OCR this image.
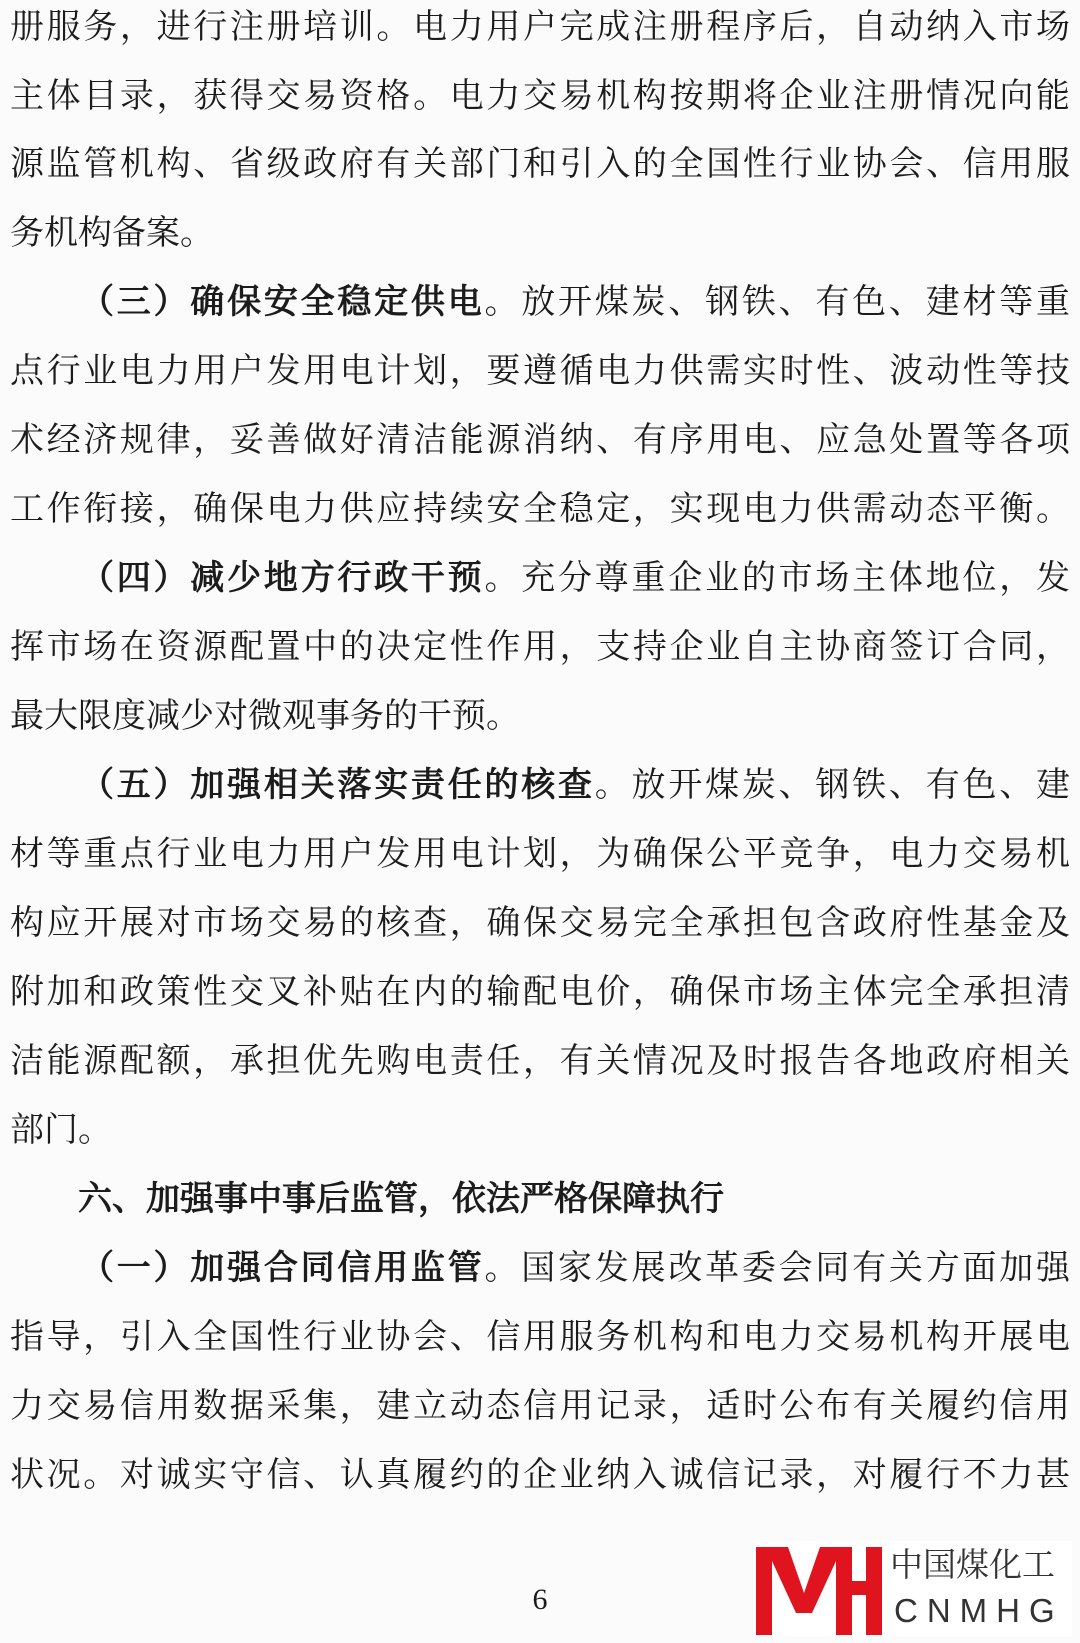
册服务，进行注册培训。电力用户完成注册程序后，自动纳入市场
主体目录，获得交易资格。电力交易机构按期将企业注册情况向能
源监管机构、省级政府有关部门和引入的全国性行业协会、信用服
务机构备案。
（三）确保安全稳定供电。放开煤炭、钢铁、有色、建材等重
点行业电力用户发用电计划，要遵循电力供需实时性、波动性等技
术经济规律，妥善做好清洁能源消纳、有序用电、应急处置等各项
工作衔接，确保电力供应持续安全稳定，实现电力供需动态平衡。
（四）减少地方行政干预。充分尊重企业的市场主体地位，发
挥市场在资源配置中的决定性作用，支持企业自主协商签订合同，
最大限度减少对微观事务的干预。
（五）加强相关落实责任的核查。放开煤炭、钢铁、有色、建
材等重点行业电力用户发用电计划，为确保公平竞争，电力交易机
构应开展对市场交易的核查，确保交易完全承担包含政府性基金及
附加和政策性交叉补贴在内的输配电价，确保市场主体完全承担清
洁能源配额，承担优先购电责任，有关情况及时报告各地政府相关
部门。
六、加强事中事后监管，依法严格保障执行
（一）加强合同信用监管。国家发展改革委会同有关方面加强
指导，引入全国性行业协会、信用服务机构和电力交易机构开展电
力交易信用数据采集，建立动态信用记录，适时公布有关履约信用
状况。对诚实守信、认真履约的企业纳入诚信记录，对履行不力甚
6
中国煤化工
CNMHG
